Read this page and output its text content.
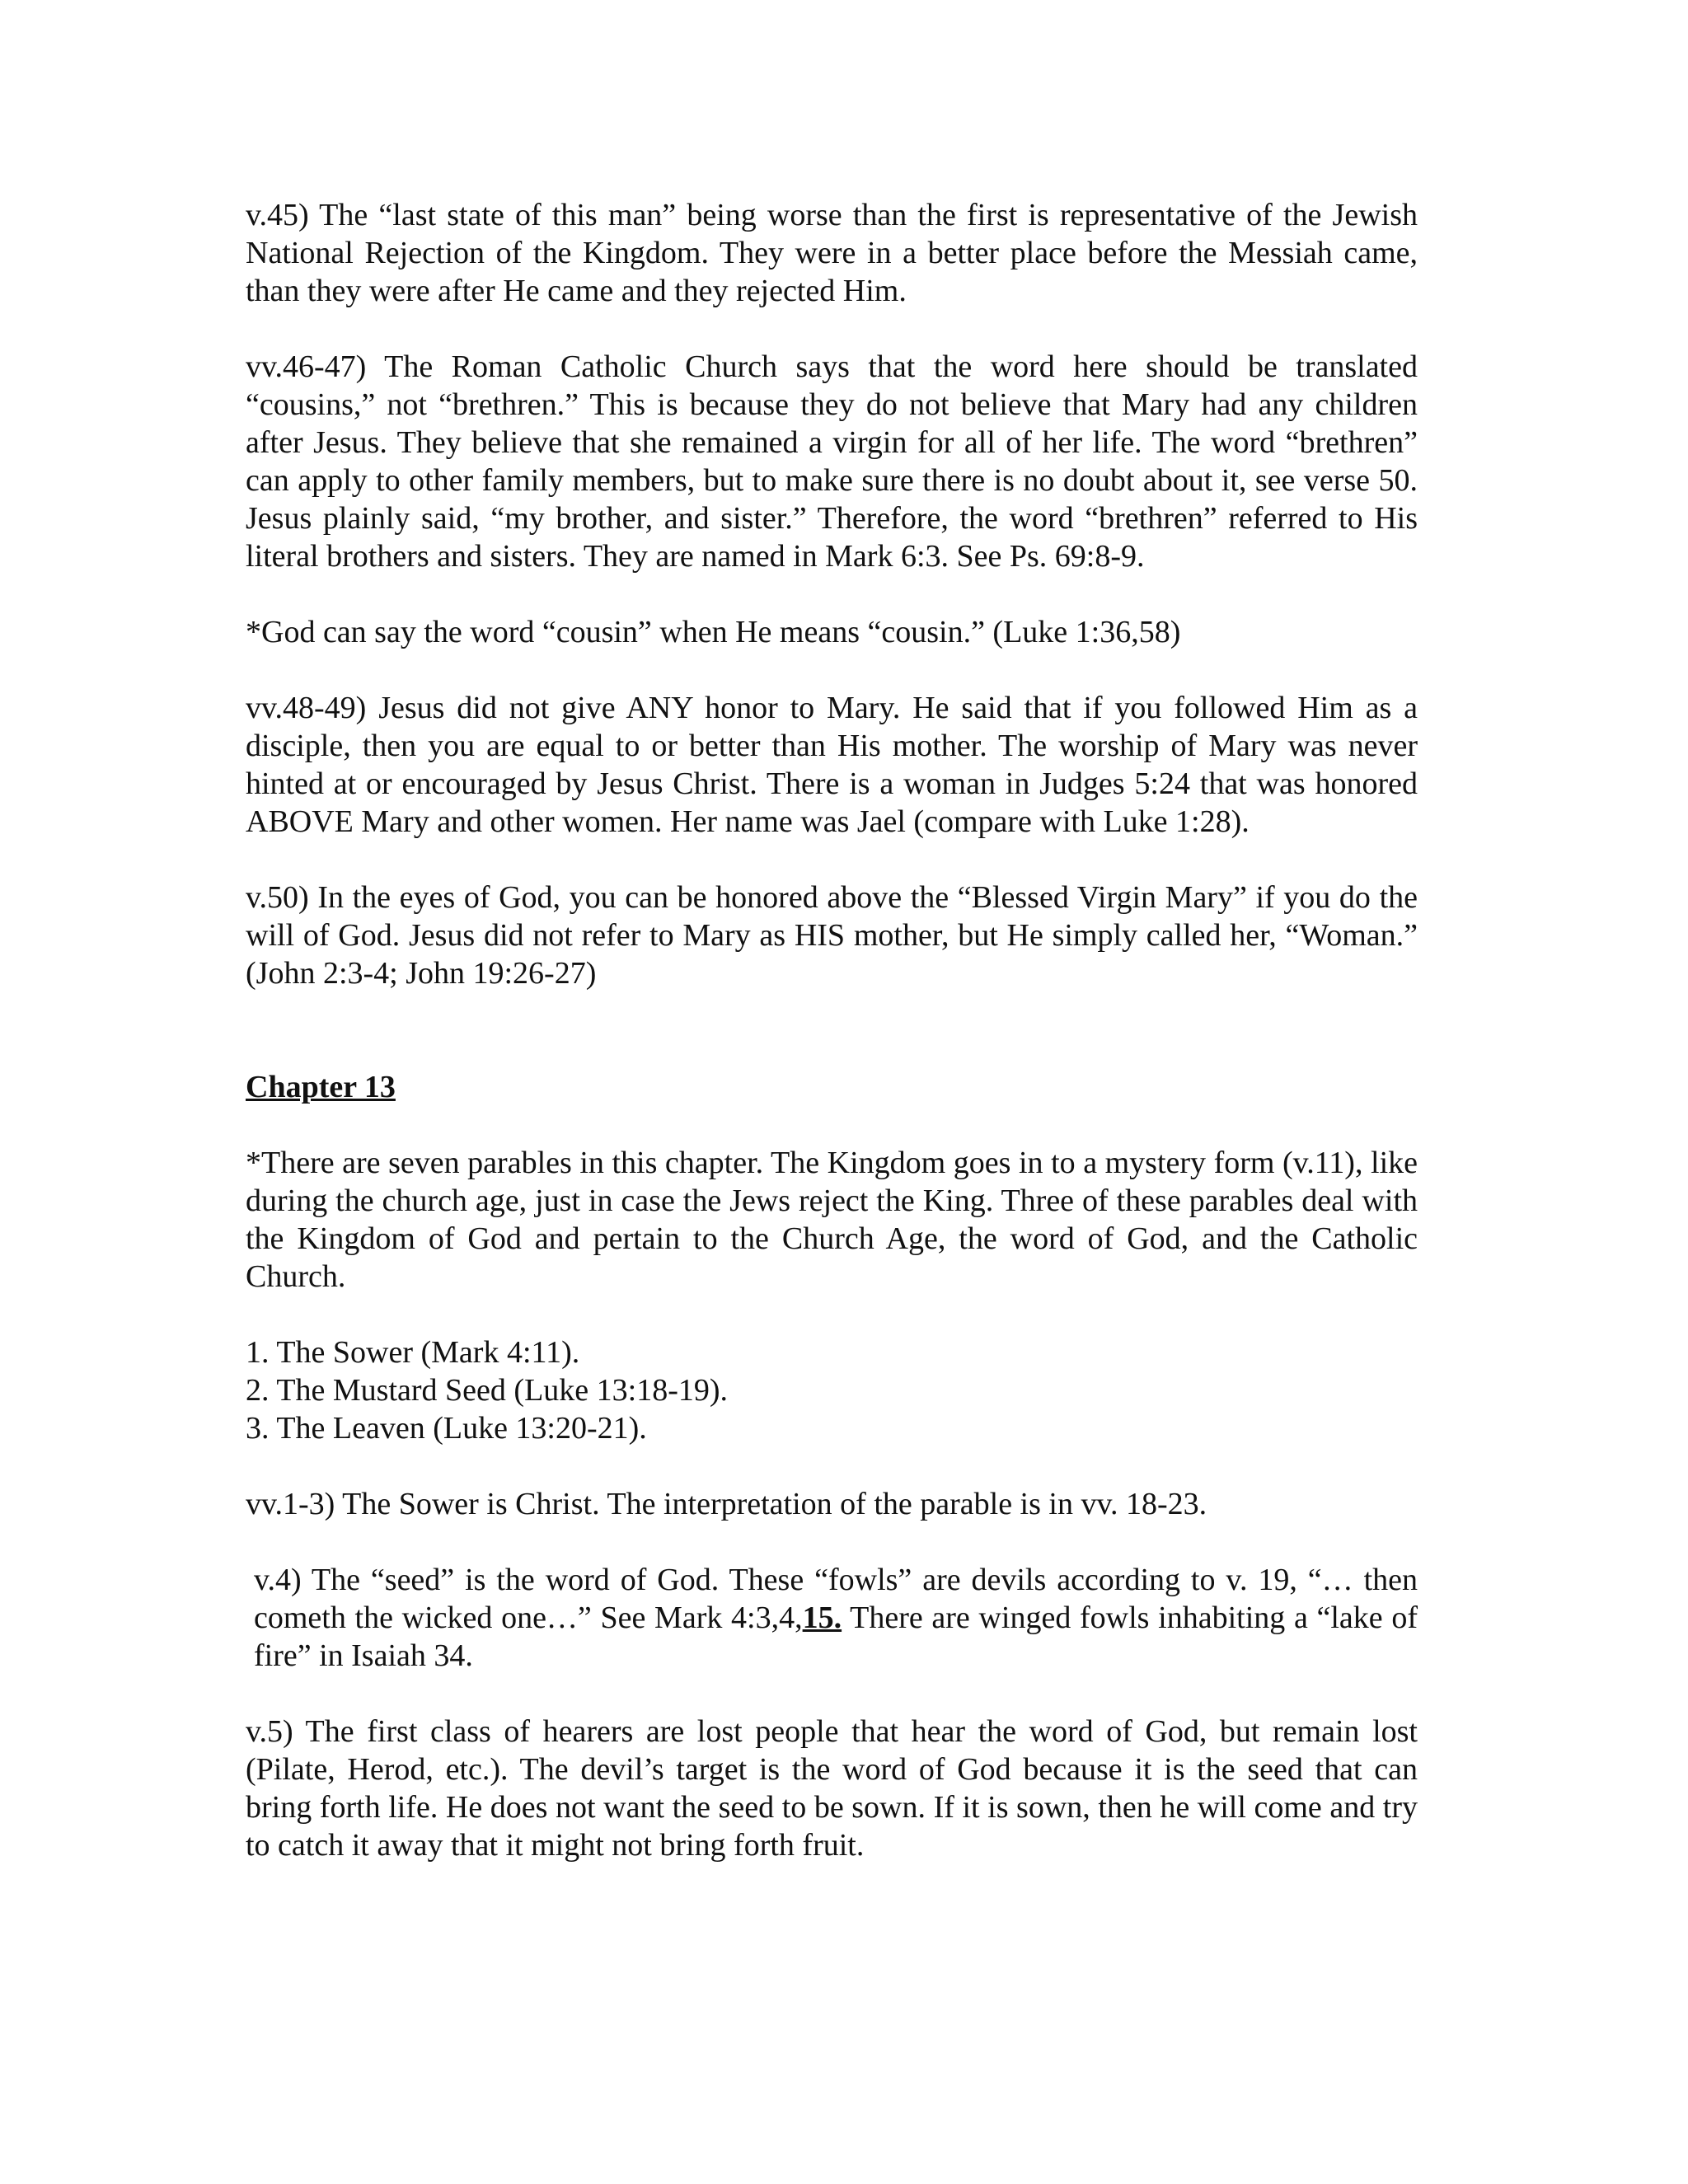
v.45) The “last state of this man” being worse than the first is representative of the Jewish National Rejection of the Kingdom. They were in a better place before the Messiah came, than they were after He came and they rejected Him.

vv.46-47) The Roman Catholic Church says that the word here should be translated “cousins,” not “brethren.” This is because they do not believe that Mary had any children after Jesus. They believe that she remained a virgin for all of her life. The word “brethren” can apply to other family members, but to make sure there is no doubt about it, see verse 50. Jesus plainly said, “my brother, and sister.” Therefore, the word “brethren” referred to His literal brothers and sisters. They are named in Mark 6:3. See Ps. 69:8-9.

*God can say the word “cousin” when He means “cousin.” (Luke 1:36,58)

vv.48-49) Jesus did not give ANY honor to Mary. He said that if you followed Him as a disciple, then you are equal to or better than His mother. The worship of Mary was never hinted at or encouraged by Jesus Christ. There is a woman in Judges 5:24 that was honored ABOVE Mary and other women. Her name was Jael (compare with Luke 1:28).

v.50) In the eyes of God, you can be honored above the “Blessed Virgin Mary” if you do the will of God. Jesus did not refer to Mary as HIS mother, but He simply called her, “Woman.” (John 2:3-4; John 19:26-27)

Chapter 13

*There are seven parables in this chapter. The Kingdom goes in to a mystery form (v.11), like during the church age, just in case the Jews reject the King. Three of these parables deal with the Kingdom of God and pertain to the Church Age, the word of God, and the Catholic Church.

1. The Sower (Mark 4:11).
2. The Mustard Seed (Luke 13:18-19).
3. The Leaven (Luke 13:20-21).

vv.1-3) The Sower is Christ. The interpretation of the parable is in vv. 18-23.

v.4) The “seed” is the word of God. These “fowls” are devils according to v. 19, “… then cometh the wicked one…” See Mark 4:3,4,15. There are winged fowls inhabiting a “lake of fire” in Isaiah 34.

v.5) The first class of hearers are lost people that hear the word of God, but remain lost (Pilate, Herod, etc.). The devil’s target is the word of God because it is the seed that can bring forth life. He does not want the seed to be sown. If it is sown, then he will come and try to catch it away that it might not bring forth fruit.
